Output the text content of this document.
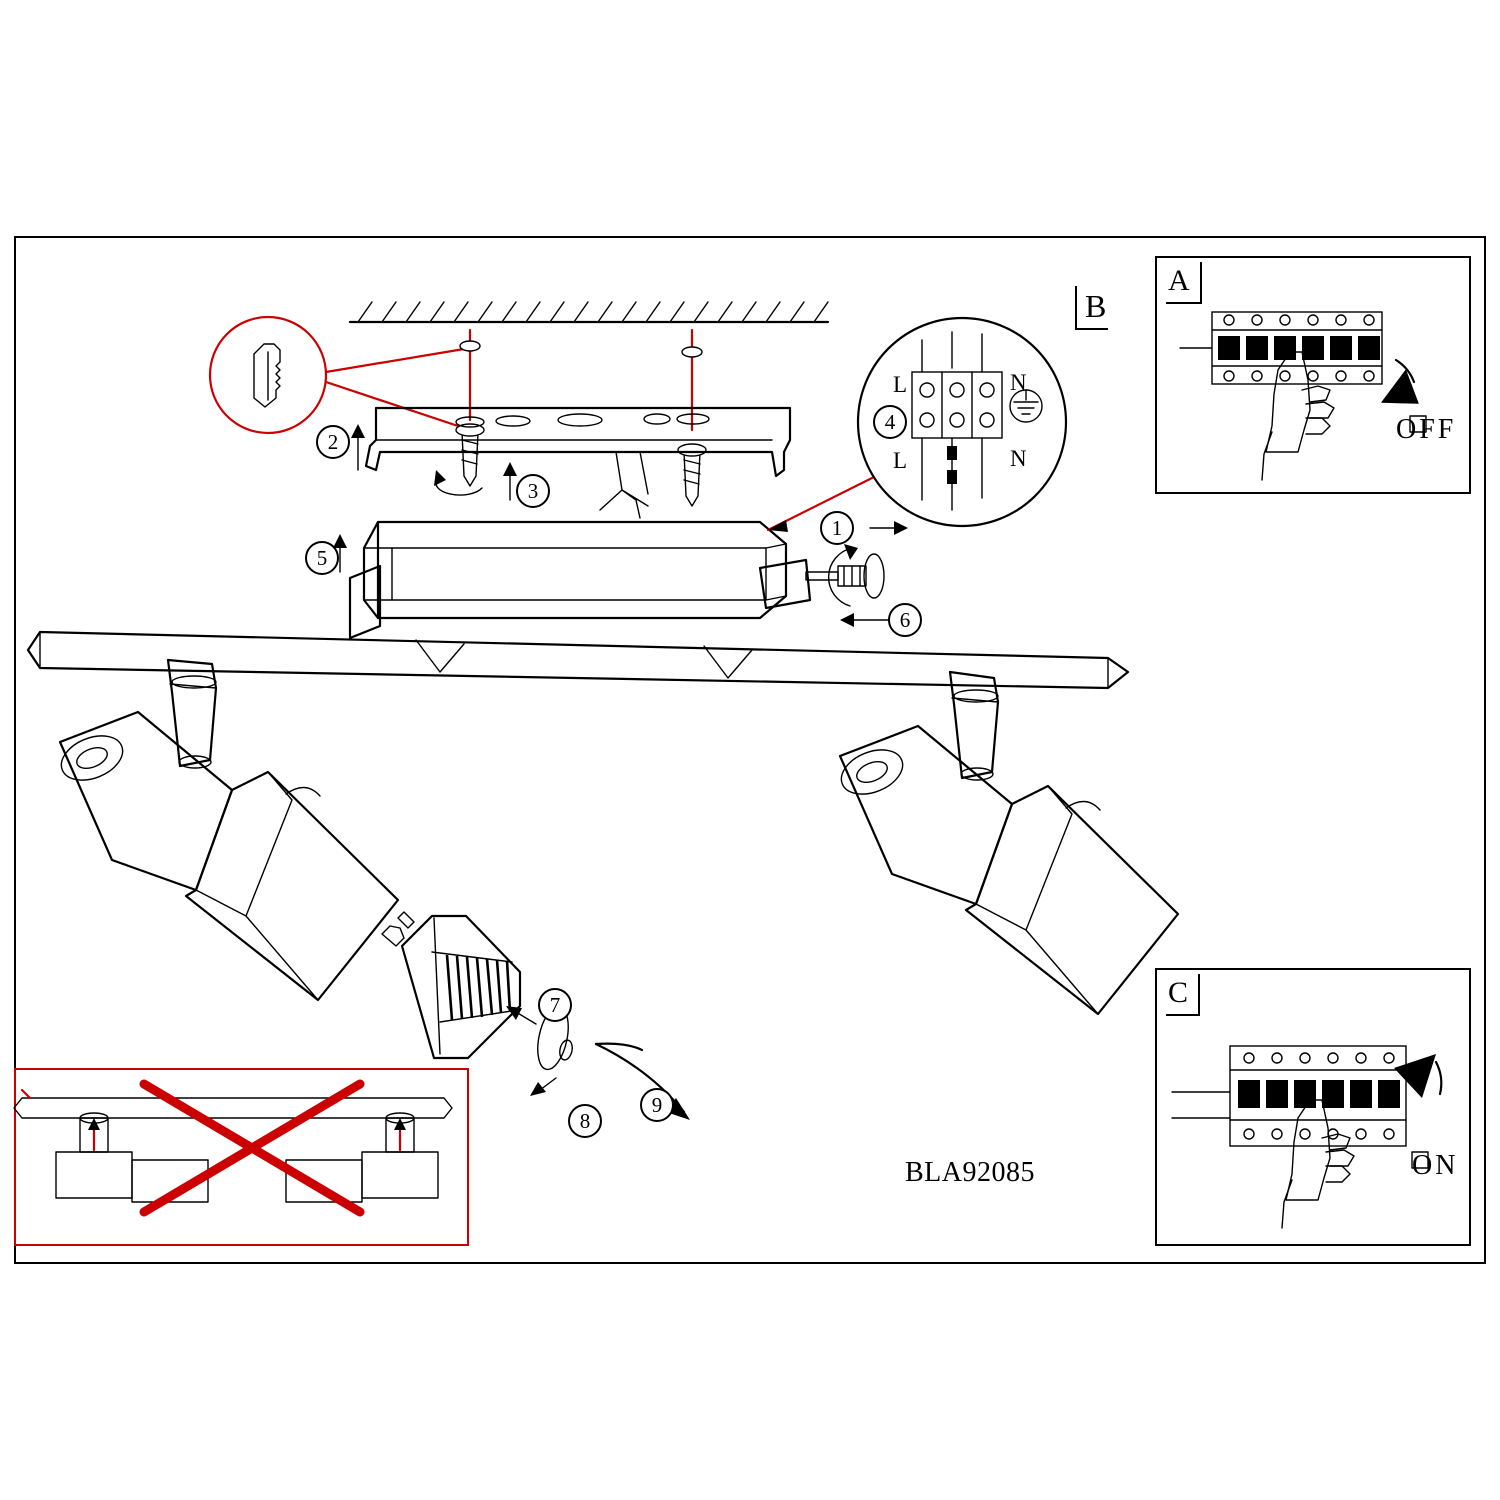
1
2
3
4
5
6
7
8
9
L	N
L	N
B
BLA92085
A
OFF
C
ON
